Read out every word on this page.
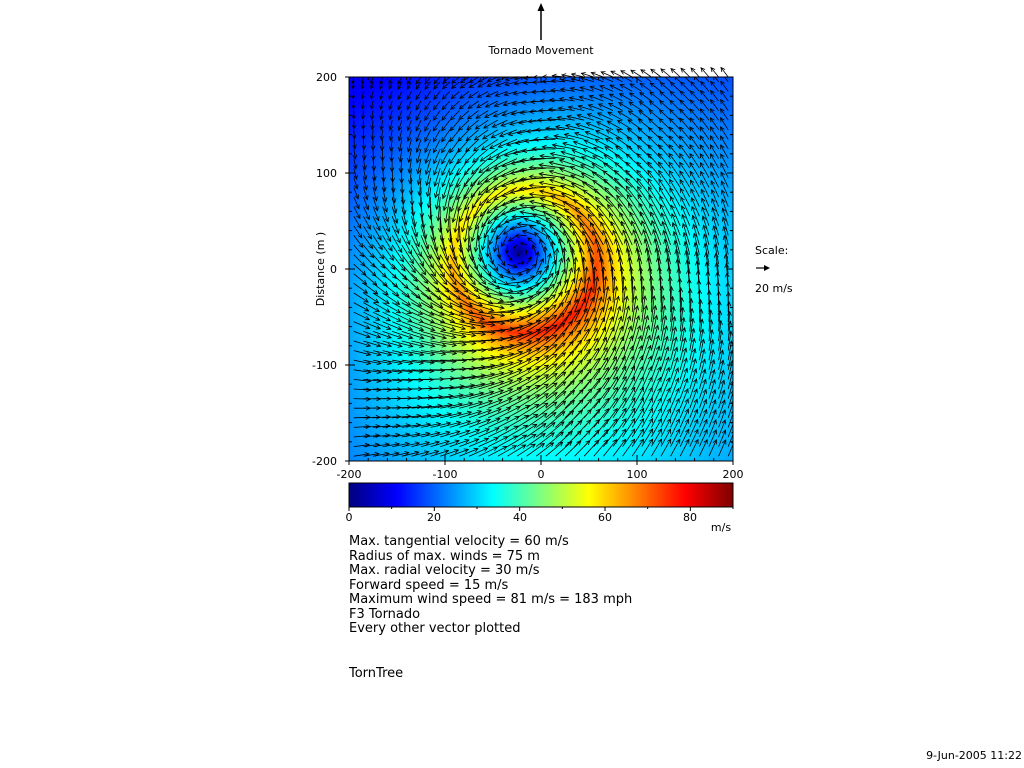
Tornado Movement
200
100
0
-100
-200
-200	-100	0	100	200
Distance (m )	Scale:
20 m/s
0	20	40	60	80
m/s
Max. tangential velocity = 60 m/s
Radius of max. winds = 75 m
Max. radial velocity = 30 m/s
Forward speed = 15 m/s
Maximum wind speed = 81 m/s = 183 mph
F3 Tornado
Every other vector plotted
TornTree
9-Jun-2005 11:22
